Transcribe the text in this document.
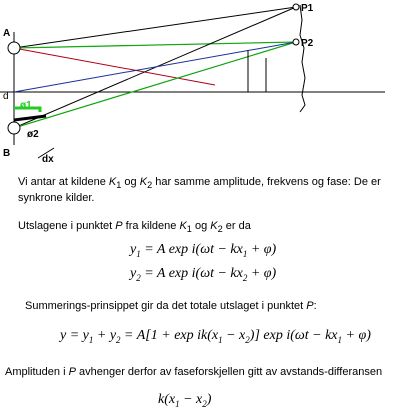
A
B
d
P1
P2
ø1
ø2
dx
Vi antar at kildene $K_1$ og $K_2$ har samme amplitude, frekvens og fase: De er synkrone kilder.
Utslagene i punktet P fra kildene $K_1$ og $K_2$ er da
$y_1 = A$ $\exp i(\omega t - kx_1 + \varphi)$
$y_2 = A$ $\exp i(\omega t - kx_2 + \varphi)$
Summerings-prinsippet gir da det totale utslaget i punktet P:
$y = y_1 + y_2 = A[1 + \exp ik(x_1 - x_2)]$ $\exp i(\omega t - kx_1 + \varphi)$
Amplituden i P avhenger derfor av faseforskjellen gitt av avstands-differansen
$k(x_1 - x_2)$
